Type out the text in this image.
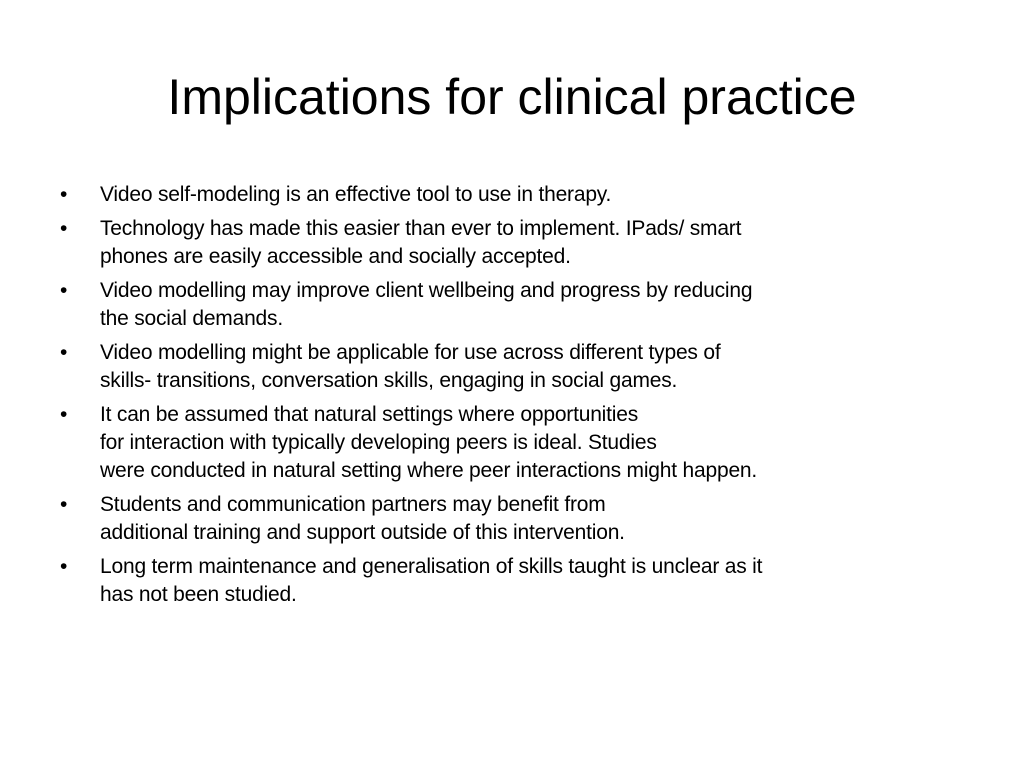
Implications for clinical practice
•	Video self-modeling is an effective tool to use in therapy.
•	Technology has made this easier than ever to implement. IPads/ smart
phones are easily accessible and socially accepted.
•	Video modelling may improve client wellbeing and progress by reducing
the social demands.
•	Video modelling might be applicable for use across different types of
skills- transitions, conversation skills, engaging in social games.
•	It can be assumed that natural settings where opportunities
for interaction with typically developing peers is ideal. Studies
were conducted in natural setting where peer interactions might happen.
•	Students and communication partners may benefit from
additional training and support outside of this intervention.
•	Long term maintenance and generalisation of skills taught is unclear as it
has not been studied.
